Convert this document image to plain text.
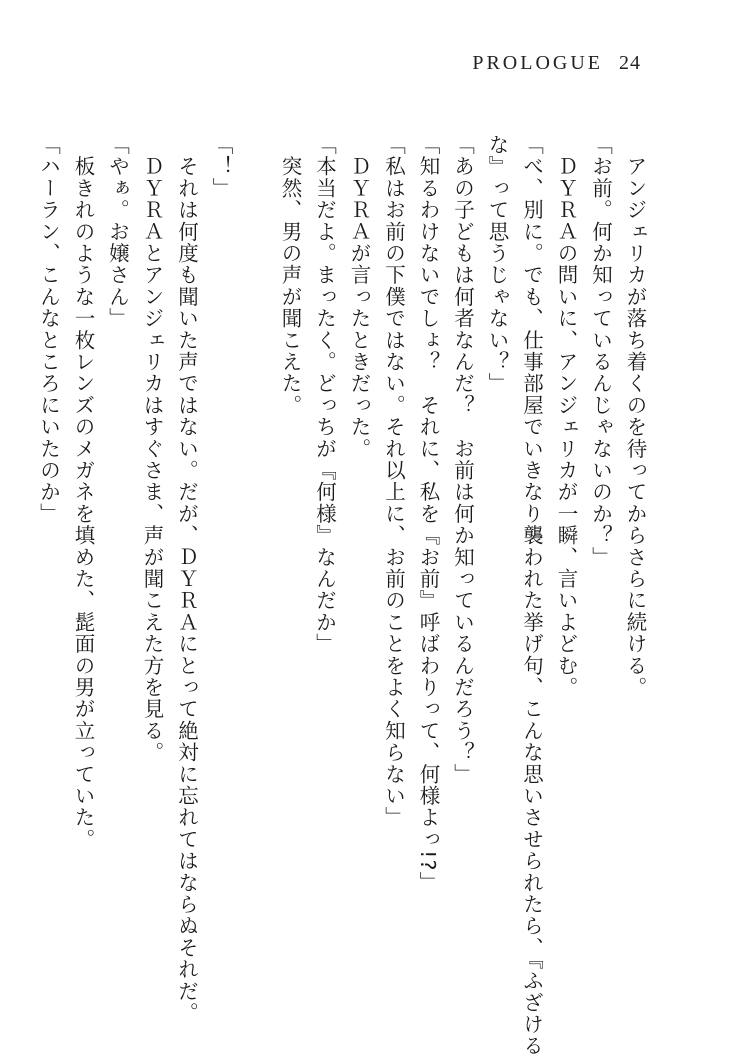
PROLOGUE 24

　アンジェリカが落ち着くのを待ってからさらに続ける。

「お前。何か知っているんじゃないのか？」

　ＤＹＲＡの問いに、アンジェリカが一瞬、言いよどむ。

「べ、別に。でも、仕事部屋でいきなり襲われた挙げ句、こんな思いさせられたら、『ふざける

な』って思うじゃない？」

「あの子どもは何者なんだ？　お前は何か知っているんだろう？」

「知るわけないでしょ？　それに、私を『お前』呼ばわりって、何様よっ!?」

「私はお前の下僕ではない。それ以上に、お前のことをよく知らない」

　ＤＹＲＡが言ったときだった。

「本当だよ。まったく。どっちが『何様』なんだか」

　突然、男の声が聞こえた。

「！」

　それは何度も聞いた声ではない。だが、ＤＹＲＡにとって絶対に忘れてはならぬそれだ。

　ＤＹＲＡとアンジェリカはすぐさま、声が聞こえた方を見る。

「やぁ。お嬢さん」

　板きれのような一枚レンズのメガネを填めた、髭面の男が立っていた。

「ハーラン、こんなところにいたのか」
